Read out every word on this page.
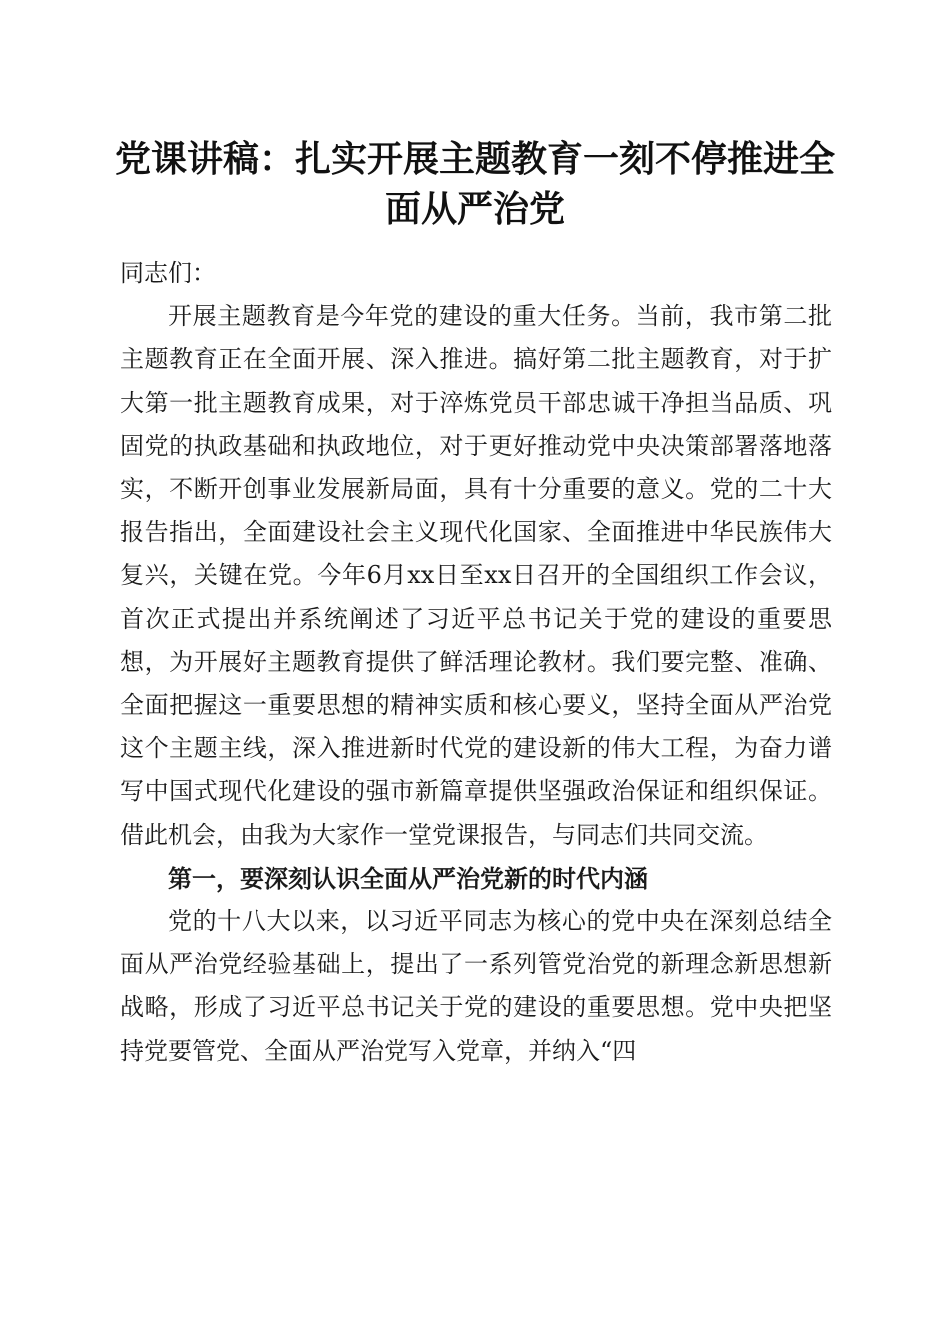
党课讲稿：扎实开展主题教育一刻不停推进全面从严治党

同志们：

开展主题教育是今年党的建设的重大任务。当前，我市第二批主题教育正在全面开展、深入推进。搞好第二批主题教育，对于扩大第一批主题教育成果，对于淬炼党员干部忠诚干净担当品质、巩固党的执政基础和执政地位，对于更好推动党中央决策部署落地落实，不断开创事业发展新局面，具有十分重要的意义。党的二十大报告指出，全面建设社会主义现代化国家、全面推进中华民族伟大复兴，关键在党。今年6月xx日至xx日召开的全国组织工作会议，首次正式提出并系统阐述了习近平总书记关于党的建设的重要思想，为开展好主题教育提供了鲜活理论教材。我们要完整、准确、全面把握这一重要思想的精神实质和核心要义，坚持全面从严治党这个主题主线，深入推进新时代党的建设新的伟大工程，为奋力谱写中国式现代化建设的强市新篇章提供坚强政治保证和组织保证。借此机会，由我为大家作一堂党课报告，与同志们共同交流。

第一，要深刻认识全面从严治党新的时代内涵

党的十八大以来，以习近平同志为核心的党中央在深刻总结全面从严治党经验基础上，提出了一系列管党治党的新理念新思想新战略，形成了习近平总书记关于党的建设的重要思想。党中央把坚持党要管党、全面从严治党写入党章，并纳入“四
